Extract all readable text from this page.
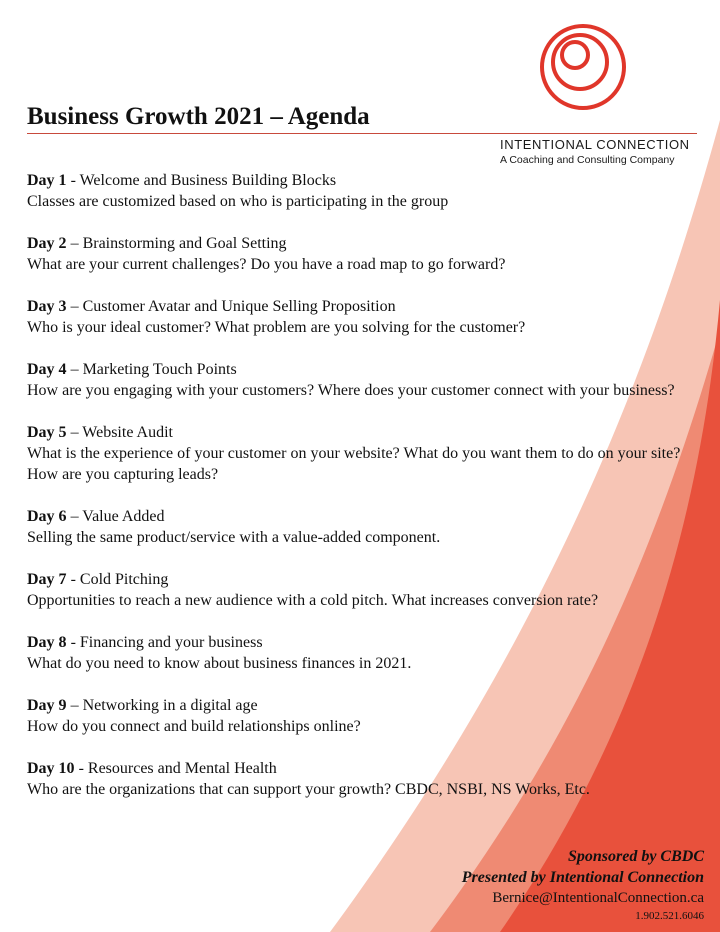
INTENTIONAL CONNECTION
A Coaching and Consulting Company
Business Growth 2021 – Agenda

Day 1 - Welcome and Business Building Blocks

Classes are customized based on who is participating in the group

Day 2 – Brainstorming and Goal Setting

What are your current challenges? Do you have a road map to go forward?

Day 3 – Customer Avatar and Unique Selling Proposition

Who is your ideal customer? What problem are you solving for the customer?

Day 4 – Marketing Touch Points

How are you engaging with your customers? Where does your customer connect with your business?

Day 5 – Website Audit

What is the experience of your customer on your website? What do you want them to do on your site? How are you capturing leads?

Day 6 – Value Added

Selling the same product/service with a value-added component.

Day 7 - Cold Pitching

Opportunities to reach a new audience with a cold pitch. What increases conversion rate?

Day 8 - Financing and your business

What do you need to know about business finances in 2021.

Day 9 – Networking in a digital age

How do you connect and build relationships online?

Day 10 - Resources and Mental Health

Who are the organizations that can support your growth? CBDC, NSBI, NS Works, Etc.

Sponsored by CBDC
Presented by Intentional Connection
Bernice@IntentionalConnection.ca
1.902.521.6046
